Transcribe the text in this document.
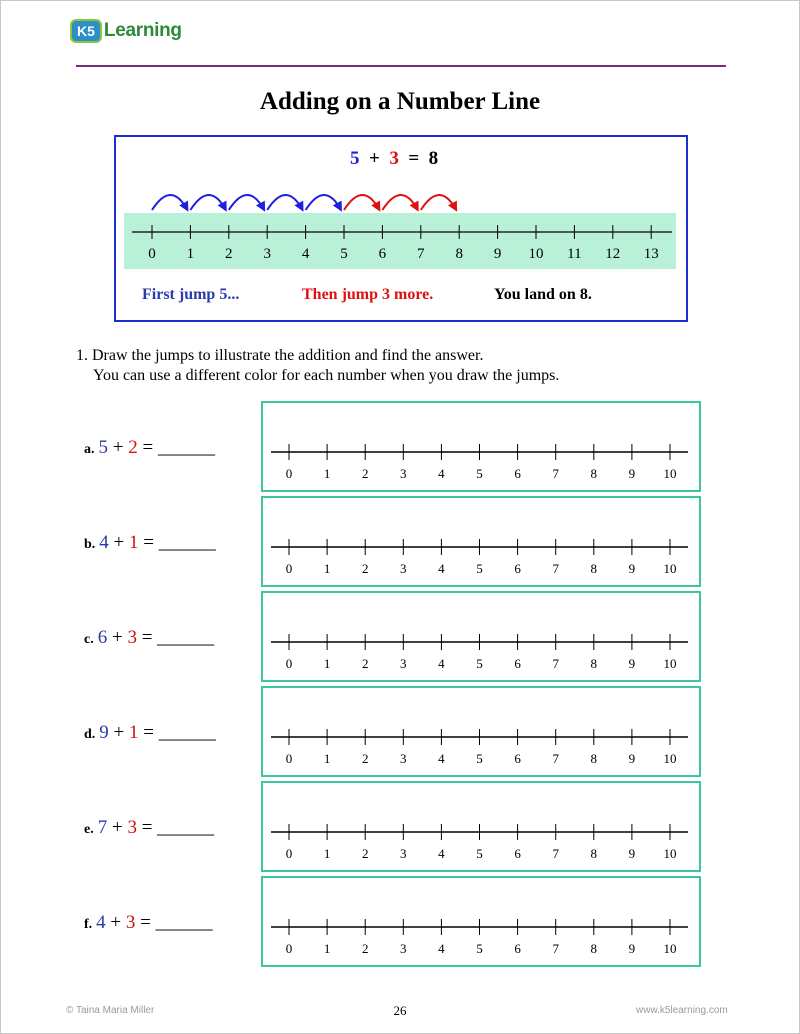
K5 Learning
Adding on a Number Line
5 + 3 = 8
First jump 5...	Then jump 3 more.	You land on 8.
1. Draw the jumps to illustrate the addition and find the answer.
You can use a different color for each number when you draw the jumps.
a. 5 + 2 = ______
b. 4 + 1 = ______
c. 6 + 3 = ______
d. 9 + 1 = ______
e. 7 + 3 = ______
f. 4 + 3 = ______
0 1 2 3 4 5 6 7 8 9 10 11 12 13
0 1 2 3 4 5 6 7 8 9 10
0 1 2 3 4 5 6 7 8 9 10
0 1 2 3 4 5 6 7 8 9 10
0 1 2 3 4 5 6 7 8 9 10
0 1 2 3 4 5 6 7 8 9 10
0 1 2 3 4 5 6 7 8 9 10
© Taina Maria Miller	26	www.k5learning.com
